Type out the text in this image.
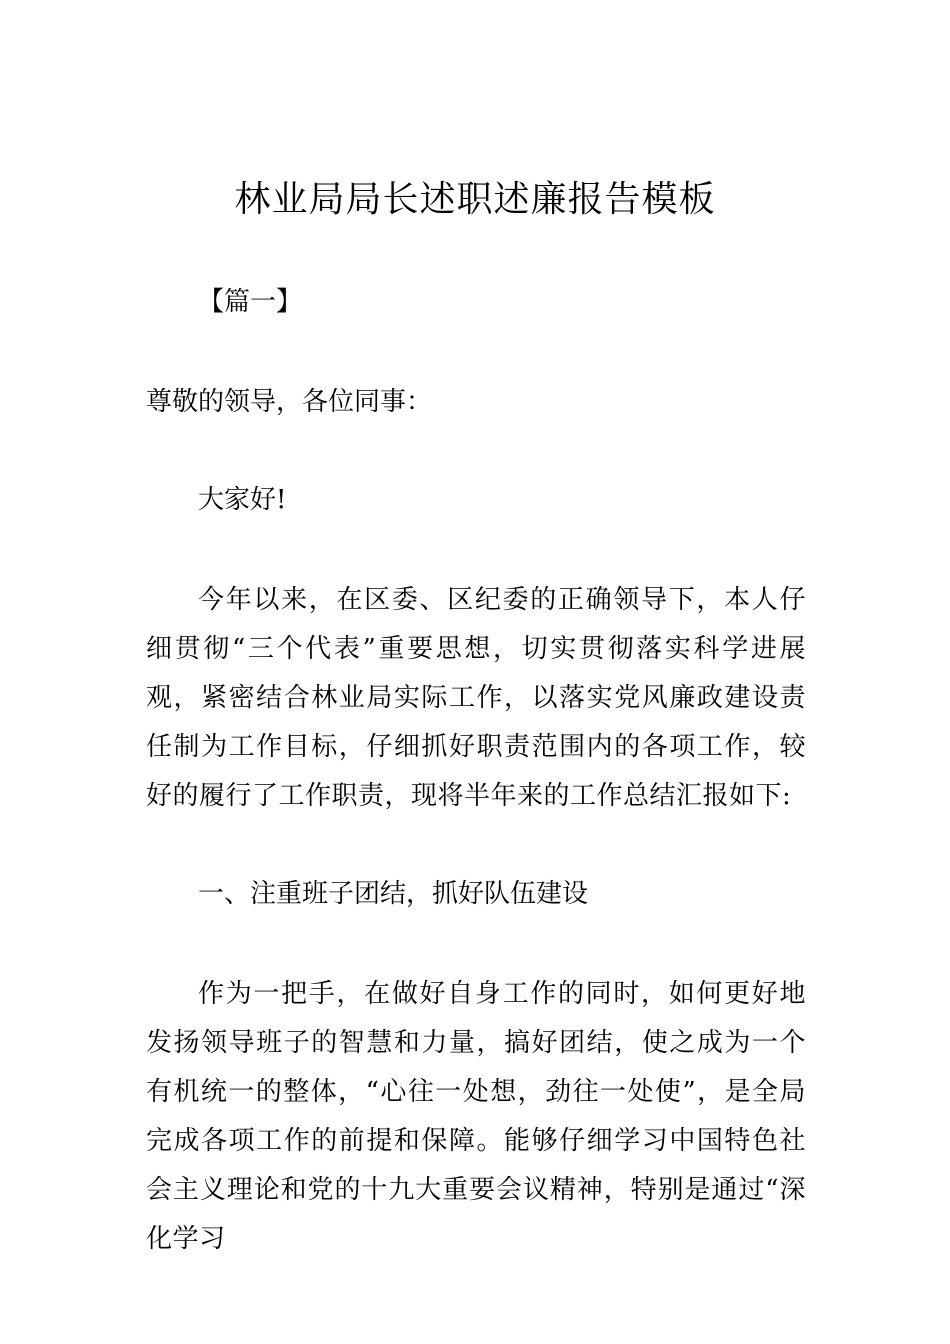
林业局局长述职述廉报告模板

【篇一】

尊敬的领导，各位同事：

大家好!

今年以来，在区委、区纪委的正确领导下，本人仔细贯彻“三个代表”重要思想，切实贯彻落实科学进展观，紧密结合林业局实际工作，以落实党风廉政建设责任制为工作目标，仔细抓好职责范围内的各项工作，较好的履行了工作职责，现将半年来的工作总结汇报如下:

一、注重班子团结，抓好队伍建设

作为一把手，在做好自身工作的同时，如何更好地发扬领导班子的智慧和力量，搞好团结，使之成为一个有机统一的整体，“心往一处想，劲往一处使”，是全局完成各项工作的前提和保障。能够仔细学习中国特色社会主义理论和党的十九大重要会议精神，特别是通过“深化学习
